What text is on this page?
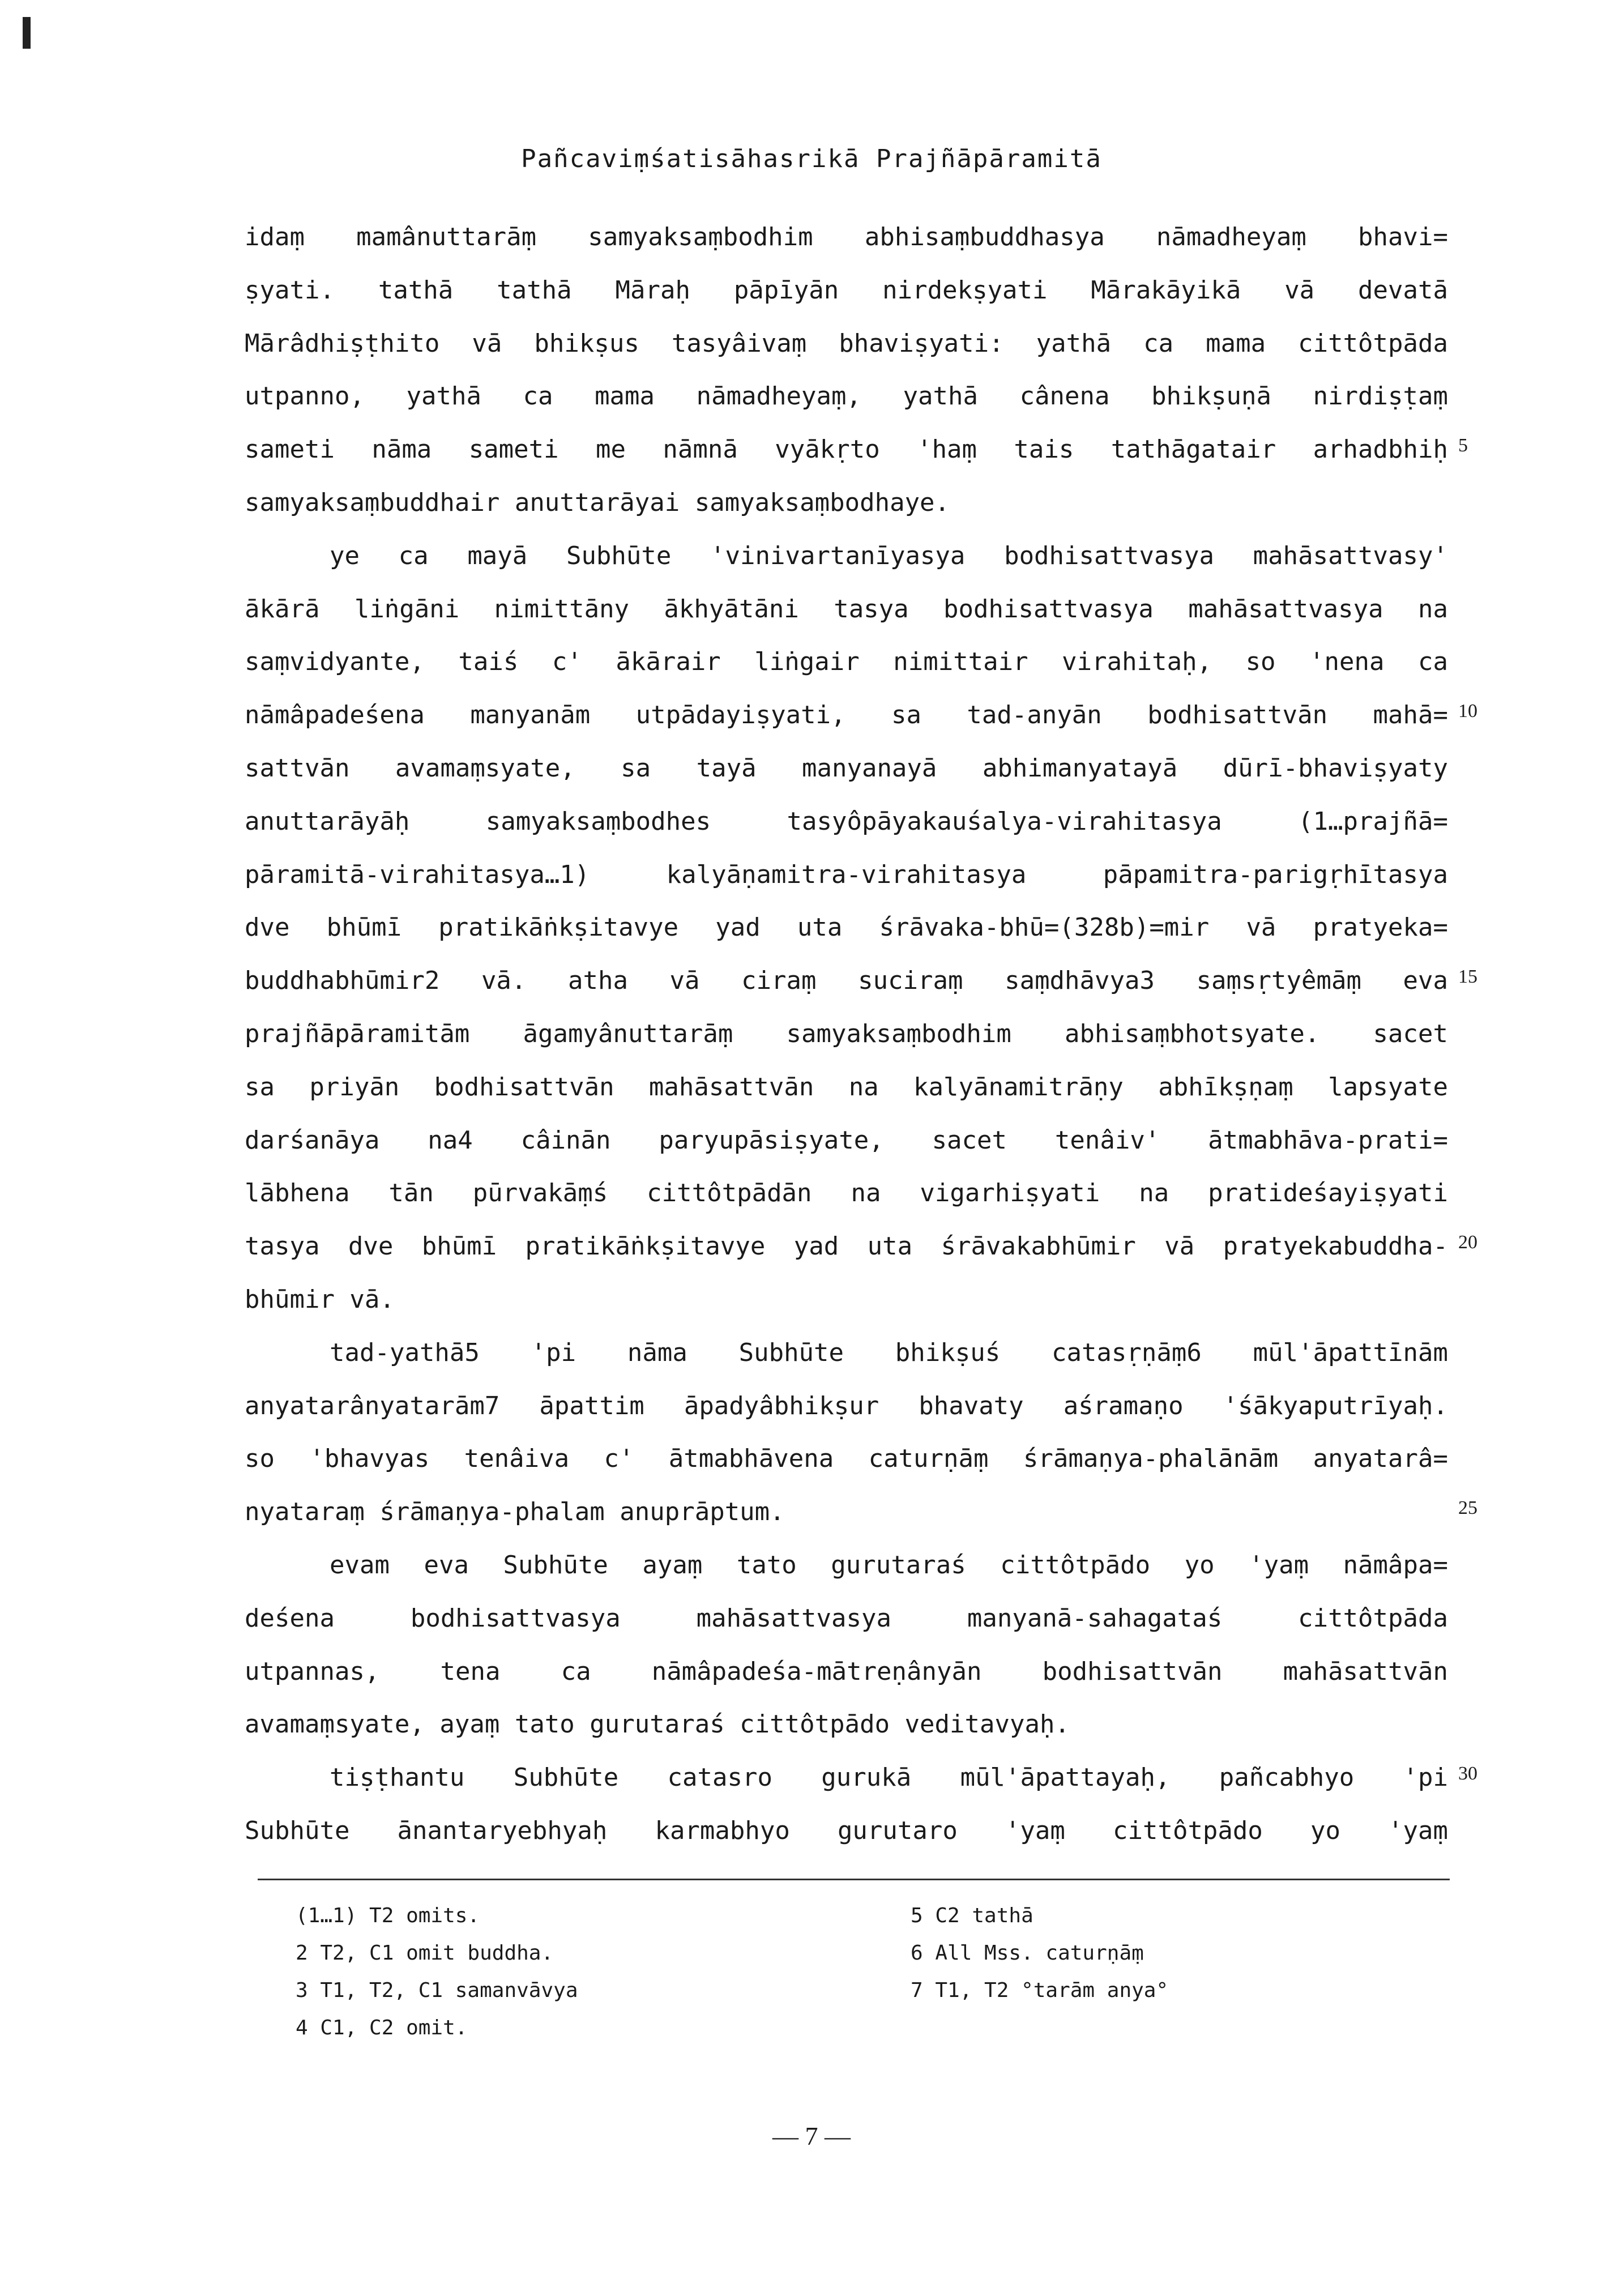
Pañcaviṃśatisāhasrikā Prajñāpāramitā
idaṃ mamânuttarāṃ samyaksaṃbodhim abhisaṃbuddhasya nāmadheyaṃ bhavi=
ṣyati. tathā tathā Māraḥ pāpīyān nirdekṣyati Mārakāyikā vā devatā
Mārâdhiṣṭhito vā bhikṣus tasyâivaṃ bhaviṣyati: yathā ca mama cittôtpāda
utpanno, yathā ca mama nāmadheyaṃ, yathā cânena bhikṣuṇā nirdiṣṭaṃ
sameti nāma sameti me nāmnā vyākṛto 'haṃ tais tathāgatair arhadbhiḥ
samyaksaṃbuddhair anuttarāyai samyaksaṃbodhaye.
ye ca mayā Subhūte 'vinivartanīyasya bodhisattvasya mahāsattvasy'
ākārā liṅgāni nimittāny ākhyātāni tasya bodhisattvasya mahāsattvasya na
saṃvidyante, taiś c' ākārair liṅgair nimittair virahitaḥ, so 'nena ca
nāmâpadeśena manyanām utpādayiṣyati, sa tad-anyān bodhisattvān mahā=
sattvān avamaṃsyate, sa tayā manyanayā abhimanyatayā dūrī-bhaviṣyaty
anuttarāyāḥ samyaksaṃbodhes tasyôpāyakauśalya-virahitasya (1…prajñā=
pāramitā-virahitasya…1) kalyāṇamitra-virahitasya pāpamitra-parigṛhītasya
dve bhūmī pratikāṅkṣitavye yad uta śrāvaka-bhū=(328b)=mir vā pratyeka=
buddhabhūmir2 vā. atha vā ciraṃ suciraṃ saṃdhāvya3 saṃsṛtyêmāṃ eva
prajñāpāramitām āgamyânuttarāṃ samyaksaṃbodhim abhisaṃbhotsyate. sacet
sa priyān bodhisattvān mahāsattvān na kalyānamitrāṇy abhīkṣṇaṃ lapsyate
darśanāya na4 câinān paryupāsiṣyate, sacet tenâiv' ātmabhāva-prati=
lābhena tān pūrvakāṃś cittôtpādān na vigarhiṣyati na pratideśayiṣyati
tasya dve bhūmī pratikāṅkṣitavye yad uta śrāvakabhūmir vā pratyekabuddha-
bhūmir vā.
tad-yathā5 'pi nāma Subhūte bhikṣuś catasṛṇāṃ6 mūl'āpattīnām
anyatarânyatarām7 āpattim āpadyâbhikṣur bhavaty aśramaṇo 'śākyaputrīyaḥ.
so 'bhavyas tenâiva c' ātmabhāvena caturṇāṃ śrāmaṇya-phalānām anyatarâ=
nyataraṃ śrāmaṇya-phalam anuprāptum.
evam eva Subhūte ayaṃ tato gurutaraś cittôtpādo yo 'yaṃ nāmâpa=
deśena bodhisattvasya mahāsattvasya manyanā-sahagataś cittôtpāda
utpannas, tena ca nāmâpadeśa-mātreṇânyān bodhisattvān mahāsattvān
avamaṃsyate, ayaṃ tato gurutaraś cittôtpādo veditavyaḥ.
tiṣṭhantu Subhūte catasro gurukā mūl'āpattayaḥ, pañcabhyo 'pi
Subhūte ānantaryebhyaḥ karmabhyo gurutaro 'yaṃ cittôtpādo yo 'yaṃ
5
10
15
20
25
30
(1…1) T2 omits.
2 T2, C1 omit buddha.
3 T1, T2, C1 samanvāvya
4 C1, C2 omit.
5 C2 tathā
6 All Mss. caturṇāṃ
7 T1, T2 °tarām anya°
— 7 —
